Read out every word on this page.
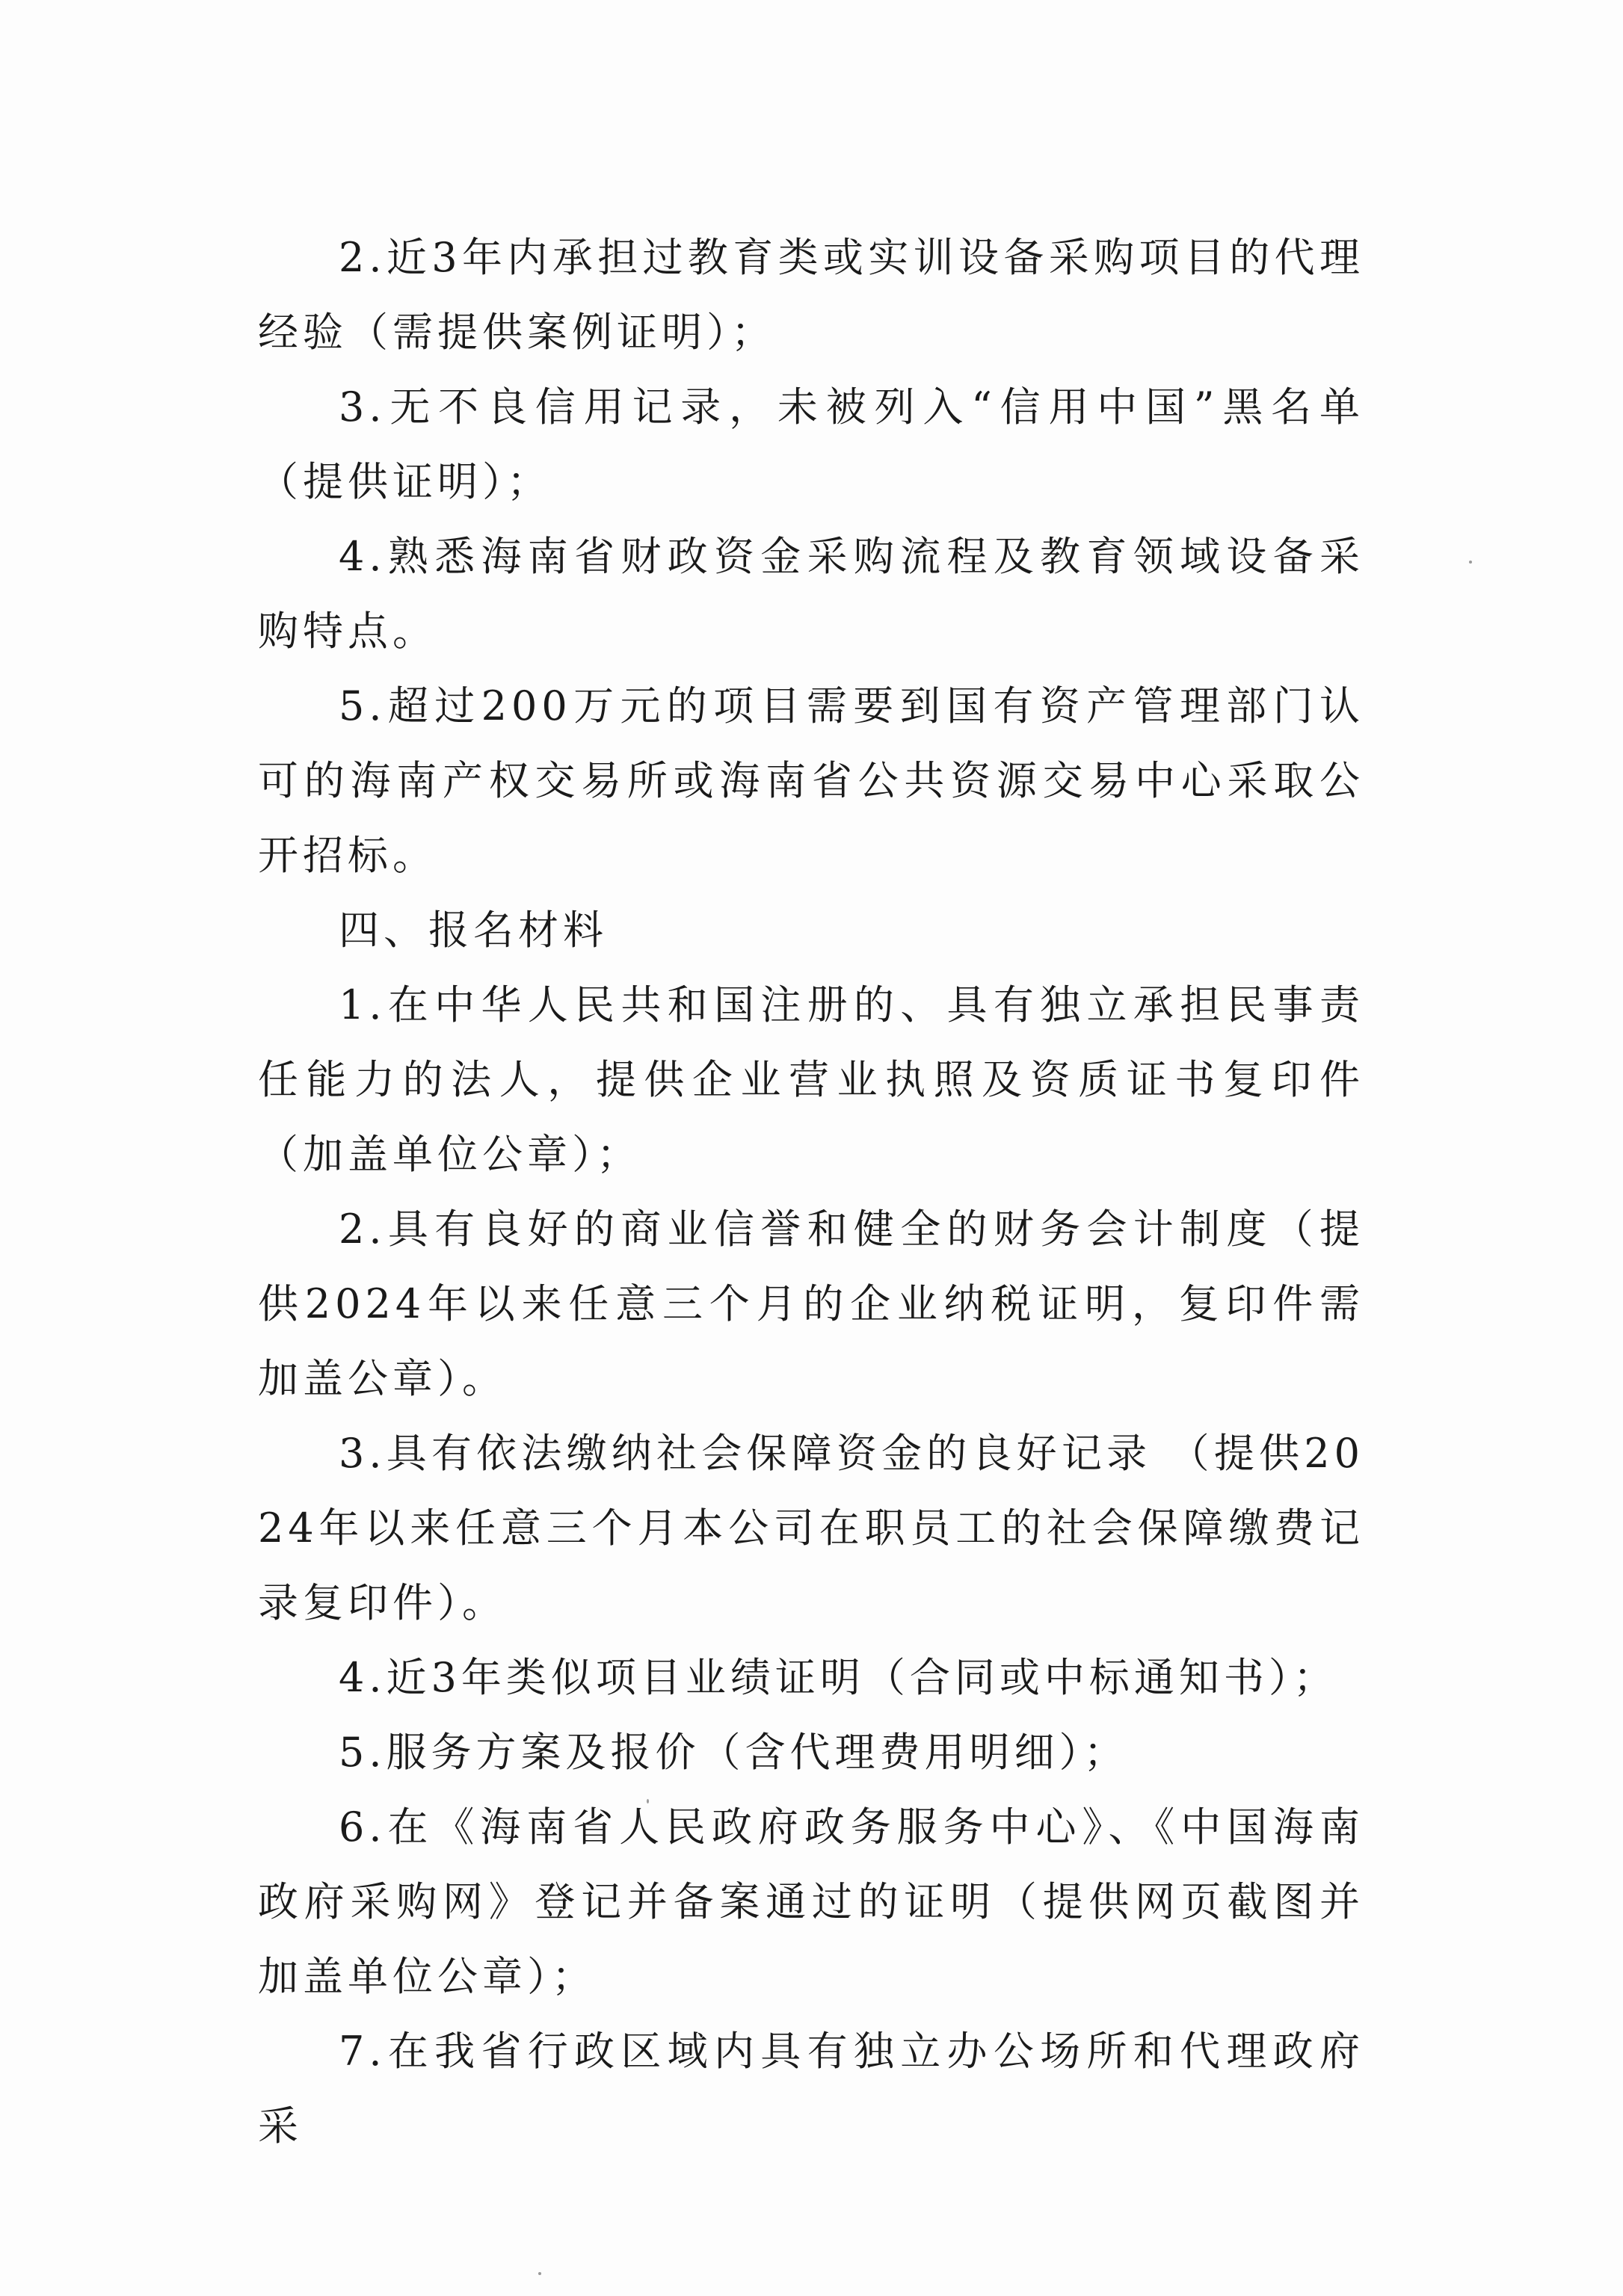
2.近3年内承担过教育类或实训设备采购项目的代理经验（需提供案例证明）；

3.无不良信用记录，未被列入“信用中国”黑名单（提供证明）；

4.熟悉海南省财政资金采购流程及教育领域设备采购特点。

5.超过200万元的项目需要到国有资产管理部门认可的海南产权交易所或海南省公共资源交易中心采取公开招标。

四、报名材料

1.在中华人民共和国注册的、具有独立承担民事责任能力的法人，提供企业营业执照及资质证书复印件（加盖单位公章）；

2.具有良好的商业信誉和健全的财务会计制度（提供2024年以来任意三个月的企业纳税证明，复印件需加盖公章）。

3.具有依法缴纳社会保障资金的良好记录 （提供2024年以来任意三个月本公司在职员工的社会保障缴费记录复印件）。

4.近3年类似项目业绩证明（合同或中标通知书）；

5.服务方案及报价（含代理费用明细）；

6.在《海南省人民政府政务服务中心》、《中国海南政府采购网》登记并备案通过的证明（提供网页截图并加盖单位公章）；

7.在我省行政区域内具有独立办公场所和代理政府采
